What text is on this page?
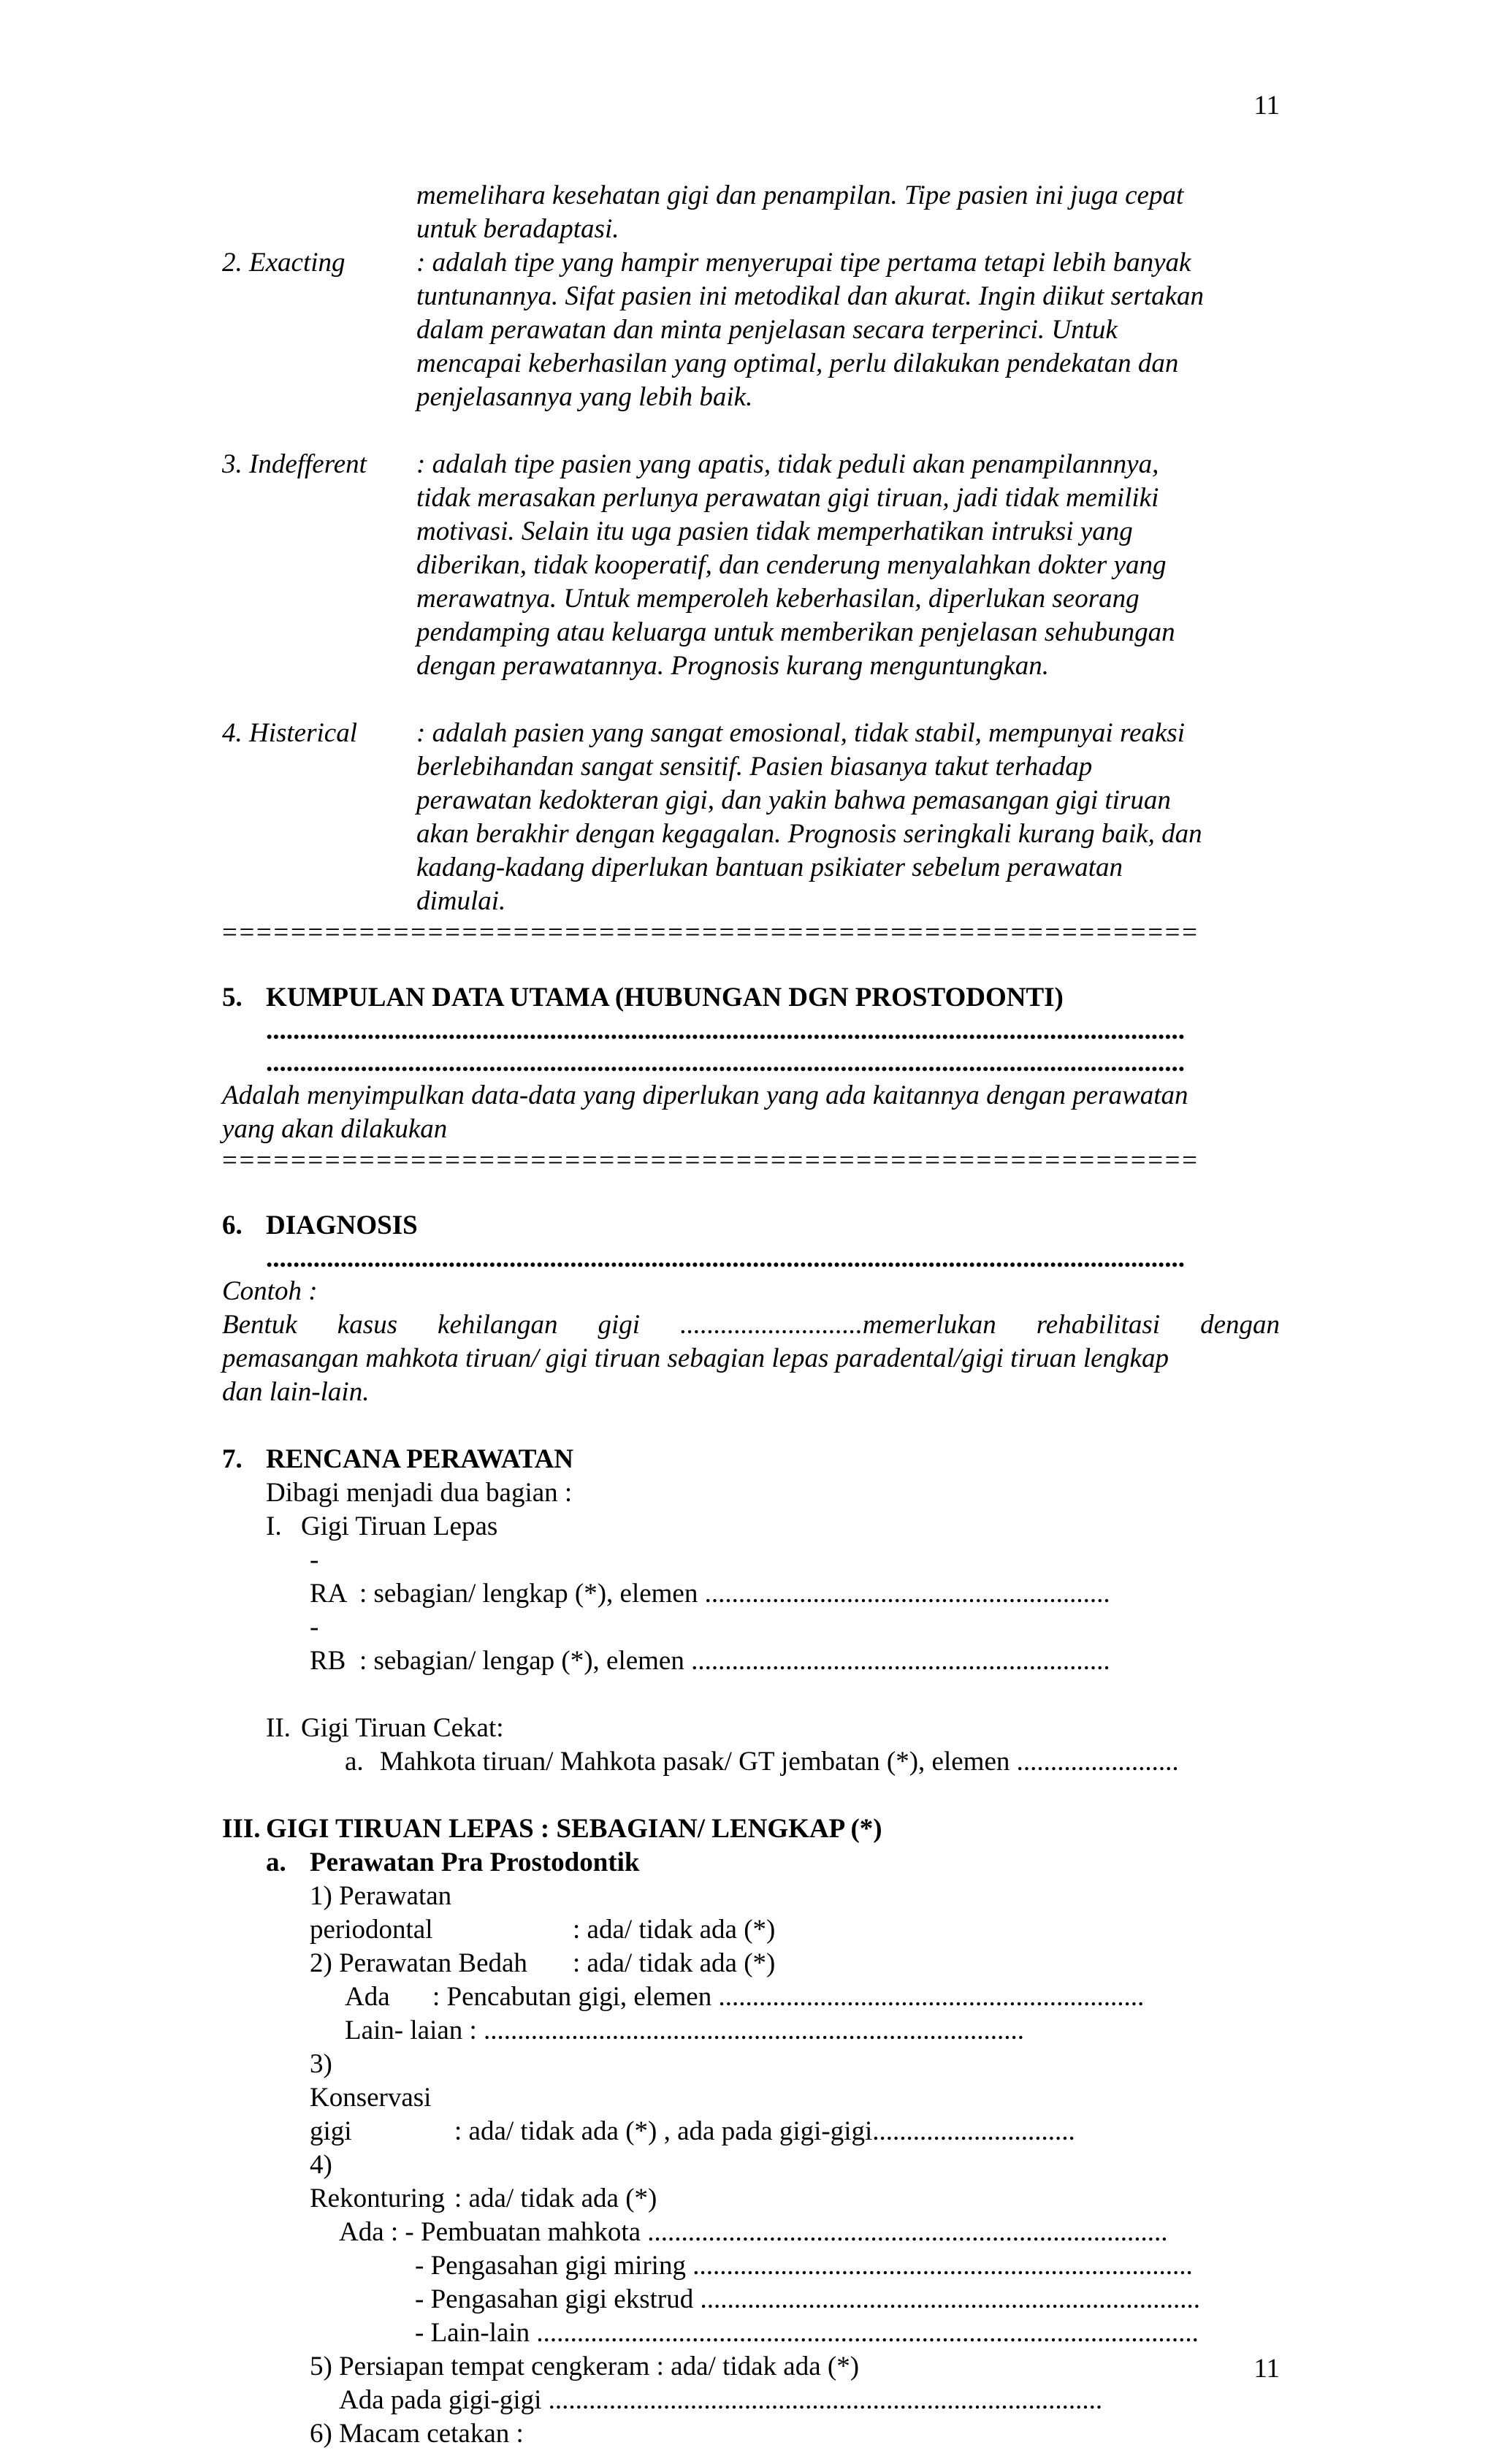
11
memelihara kesehatan gigi dan penampilan. Tipe pasien ini juga cepat
untuk beradaptasi.
2. Exacting	: adalah tipe yang hampir menyerupai tipe pertama tetapi lebih banyak
tuntunannya. Sifat pasien ini metodikal dan akurat. Ingin diikut sertakan
dalam perawatan dan minta penjelasan secara terperinci. Untuk
mencapai keberhasilan yang optimal, perlu dilakukan pendekatan dan
penjelasannya yang lebih baik.
3. Indefferent	: adalah tipe pasien yang apatis, tidak peduli akan penampilannnya,
tidak merasakan perlunya perawatan gigi tiruan, jadi tidak memiliki
motivasi. Selain itu uga pasien tidak memperhatikan intruksi yang
diberikan, tidak kooperatif, dan cenderung menyalahkan dokter yang
merawatnya. Untuk memperoleh keberhasilan, diperlukan seorang
pendamping atau keluarga untuk memberikan penjelasan sehubungan
dengan perawatannya. Prognosis kurang menguntungkan.
4. Histerical	: adalah pasien yang sangat emosional, tidak stabil, mempunyai reaksi
berlebihandan sangat sensitif. Pasien biasanya takut terhadap
perawatan kedokteran gigi, dan yakin bahwa pemasangan gigi tiruan
akan berakhir dengan kegagalan. Prognosis seringkali kurang baik, dan
kadang-kadang diperlukan bantuan psikiater sebelum perawatan
dimulai.
=========================================================
5. KUMPULAN DATA UTAMA (HUBUNGAN DGN PROSTODONTI)
........................................................................................................................................
........................................................................................................................................
Adalah menyimpulkan data-data yang diperlukan yang ada kaitannya dengan perawatan
yang akan dilakukan
=========================================================
6. DIAGNOSIS
........................................................................................................................................
Contoh :
Bentuk kasus kehilangan gigi ...........................memerlukan rehabilitasi dengan
pemasangan mahkota tiruan/ gigi tiruan sebagian lepas paradental/gigi tiruan lengkap
dan lain-lain.
7. RENCANA PERAWATAN
Dibagi menjadi dua bagian :
I. Gigi Tiruan Lepas
- RA : sebagian/ lengkap (*), elemen ............................................................
- RB : sebagian/ lengap (*), elemen ..............................................................
II. Gigi Tiruan Cekat:
a. Mahkota tiruan/ Mahkota pasak/ GT jembatan (*), elemen ........................
III. GIGI TIRUAN LEPAS : SEBAGIAN/ LENGKAP (*)
a. Perawatan Pra Prostodontik
1) Perawatan periodontal	: ada/ tidak ada (*)
2) Perawatan Bedah : ada/ tidak ada (*)
Ada : Pencabutan gigi, elemen ...............................................................
Lain- laian : ................................................................................
3) Konservasi gigi	: ada/ tidak ada (*) , ada pada gigi-gigi..............................
4) Rekonturing : ada/ tidak ada (*)
Ada : - Pembuatan mahkota .............................................................................
- Pengasahan gigi miring ..........................................................................
- Pengasahan gigi ekstrud ..........................................................................
- Lain-lain ..................................................................................................
5) Persiapan tempat cengkeram : ada/ tidak ada (*)
Ada pada gigi-gigi ..................................................................................
6) Macam cetakan :
11
